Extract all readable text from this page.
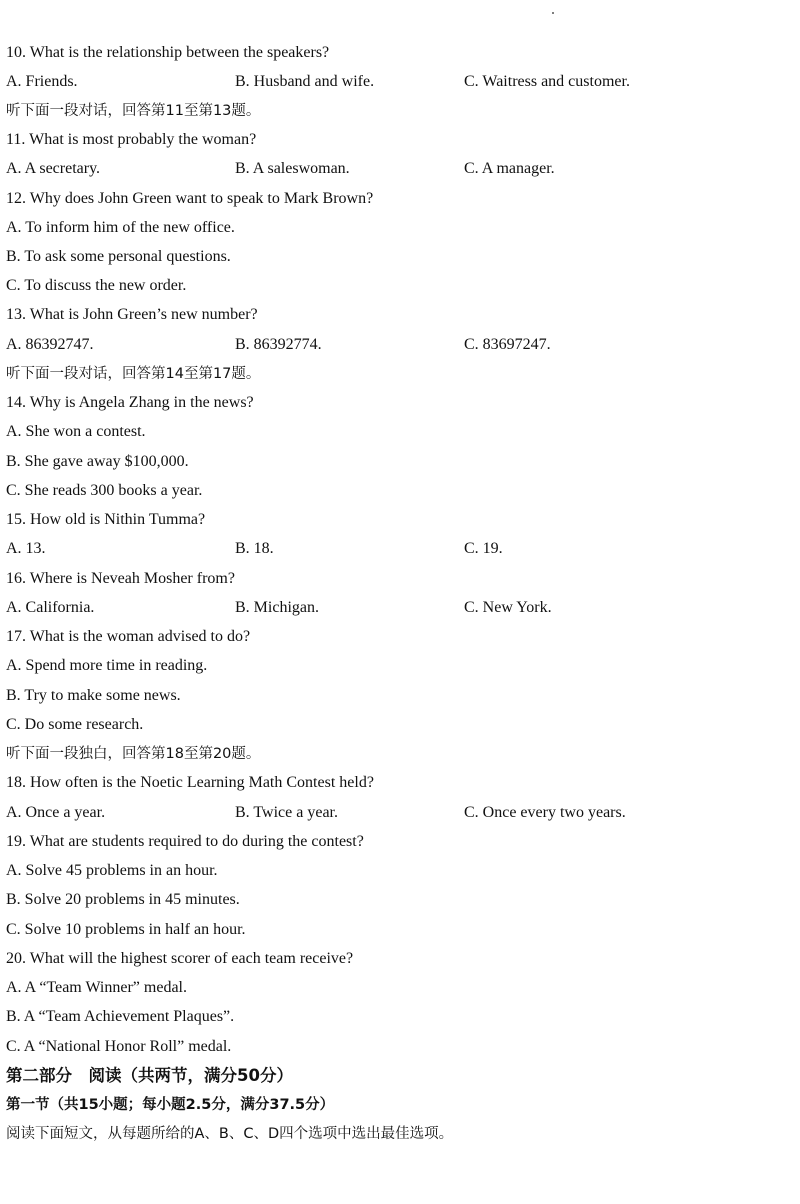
10. What is the relationship between the speakers?
A. Friends.	B. Husband and wife.	C. Waitress and customer.
听下面一段对话，回答第11至第13题。
11. What is most probably the woman?
A. A secretary.	B. A saleswoman.	C. A manager.
12. Why does John Green want to speak to Mark Brown?
A. To inform him of the new office.
B. To ask some personal questions.
C. To discuss the new order.
13. What is John Green’s new number?
A. 86392747.	B. 86392774.	C. 83697247.
听下面一段对话，回答第14至第17题。
14. Why is Angela Zhang in the news?
A. She won a contest.
B. She gave away $100,000.
C. She reads 300 books a year.
15. How old is Nithin Tumma?
A. 13.	B. 18.	C. 19.
16. Where is Neveah Mosher from?
A. California.	B. Michigan.	C. New York.
17. What is the woman advised to do?
A. Spend more time in reading.
B. Try to make some news.
C. Do some research.
听下面一段独白，回答第18至第20题。
18. How often is the Noetic Learning Math Contest held?
A. Once a year.	B. Twice a year.	C. Once every two years.
19. What are students required to do during the contest?
A. Solve 45 problems in an hour.
B. Solve 20 problems in 45 minutes.
C. Solve 10 problems in half an hour.
20. What will the highest scorer of each team receive?
A. A “Team Winner” medal.
B. A “Team Achievement Plaques”.
C. A “National Honor Roll” medal.
第二部分　阅读（共两节，满分50分）
第一节（共15小题；每小题2.5分，满分37.5分）
阅读下面短文，从每题所给的A、B、C、D四个选项中选出最佳选项。
